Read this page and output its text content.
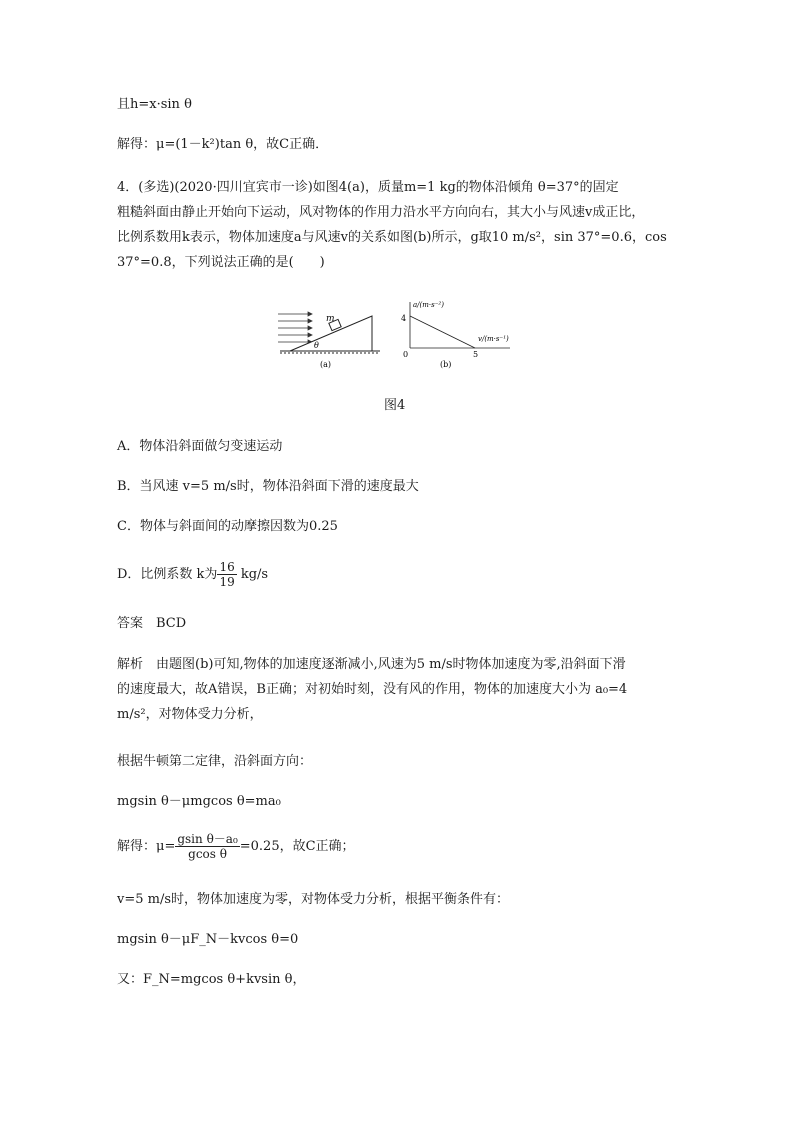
且h=x·sin θ
解得：μ=(1－k²)tan θ，故C正确．
4．(多选)(2020·四川宜宾市一诊)如图4(a)，质量m=1 kg的物体沿倾角 θ=37°的固定
粗糙斜面由静止开始向下运动，风对物体的作用力沿水平方向向右，其大小与风速v成正比，
比例系数用k表示，物体加速度a与风速v的关系如图(b)所示，g取10 m/s²，sin 37°=0.6，cos
37°=0.8，下列说法正确的是(　　)
m
θ
(a)
a/(m·s⁻²)
v/(m·s⁻¹)
4
5
0
(b)
图4
A．物体沿斜面做匀变速运动
B．当风速 v=5 m/s时，物体沿斜面下滑的速度最大
C．物体与斜面间的动摩擦因数为0.25
D．比例系数 k为 $\frac{16}{19} kg/s$
答案　BCD
解析　由题图(b)可知,物体的加速度逐渐减小,风速为5 m/s时物体加速度为零,沿斜面下滑
的速度最大，故A错误，B正确；对初始时刻，没有风的作用，物体的加速度大小为 a₀=4
m/s²，对物体受力分析，
根据牛顿第二定律，沿斜面方向：
mgsin θ－μmgcos θ=ma₀
解得：$\mu= \frac{\text{gsin θ－a₀}}{\text{gcos θ}} =0.25$，故C正确；
v=5 m/s时，物体加速度为零，对物体受力分析，根据平衡条件有：
mgsin θ－μF_N－kvcos θ=0
又：F_N=mgcos θ+kvsin θ，
